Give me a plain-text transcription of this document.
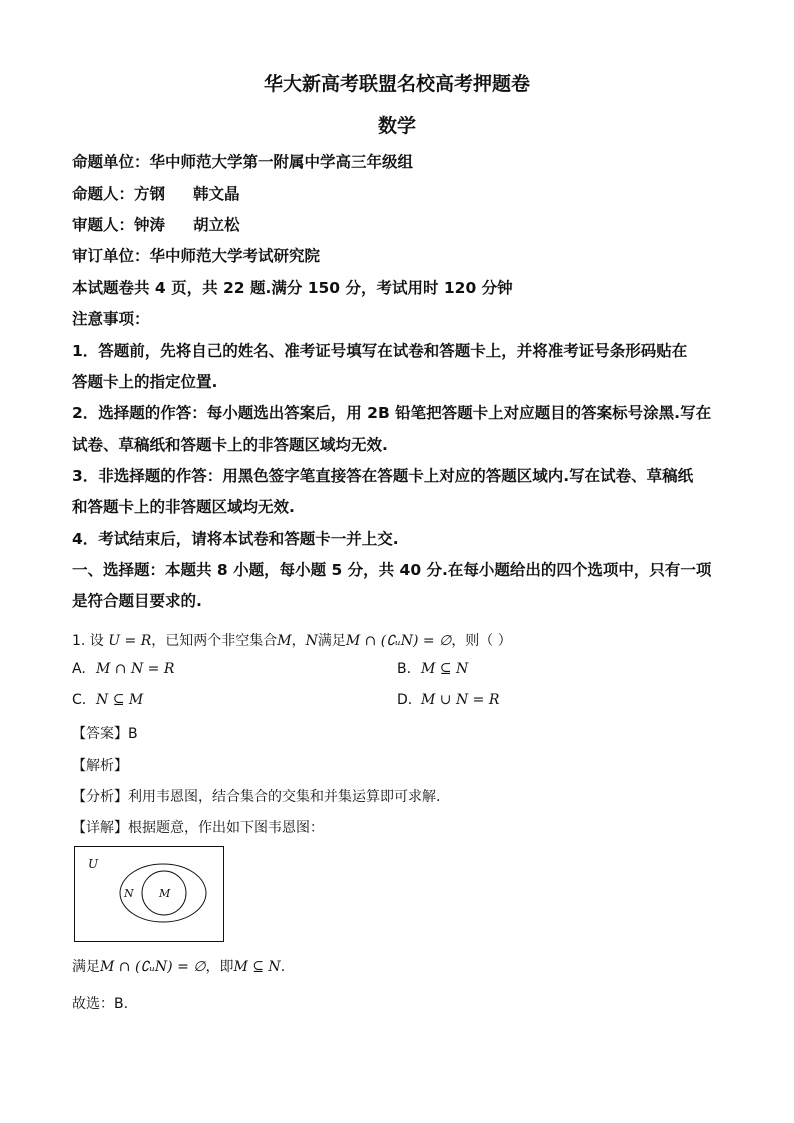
华大新高考联盟名校高考押题卷
数学
命题单位：华中师范大学第一附属中学高三年级组
命题人：方钢 韩文晶
审题人：钟涛 胡立松
审订单位：华中师范大学考试研究院
本试题卷共 4 页，共 22 题.满分 150 分，考试用时 120 分钟
注意事项：
1．答题前，先将自己的姓名、准考证号填写在试卷和答题卡上，并将准考证号条形码贴在
答题卡上的指定位置.
2．选择题的作答：每小题选出答案后，用 2B 铅笔把答题卡上对应题目的答案标号涂黑.写在
试卷、草稿纸和答题卡上的非答题区域均无效.
3．非选择题的作答：用黑色签字笔直接答在答题卡上对应的答题区域内.写在试卷、草稿纸
和答题卡上的非答题区域均无效.
4．考试结束后，请将本试卷和答题卡一并上交.
一、选择题：本题共 8 小题，每小题 5 分，共 40 分.在每小题给出的四个选项中，只有一项
是符合题目要求的.
1. 设 U = R，已知两个非空集合M，N满足M ∩ (∁ᵤN) = ∅，则（ ）
A. M ∩ N = R	B. M ⊆ N
C. N ⊆ M	D. M ∪ N = R
【答案】B
【解析】
【分析】利用韦恩图，结合集合的交集和并集运算即可求解.
【详解】根据题意，作出如下图韦恩图：
U
N M
满足M ∩ (∁ᵤN) = ∅，即M ⊆ N.
故选：B.
